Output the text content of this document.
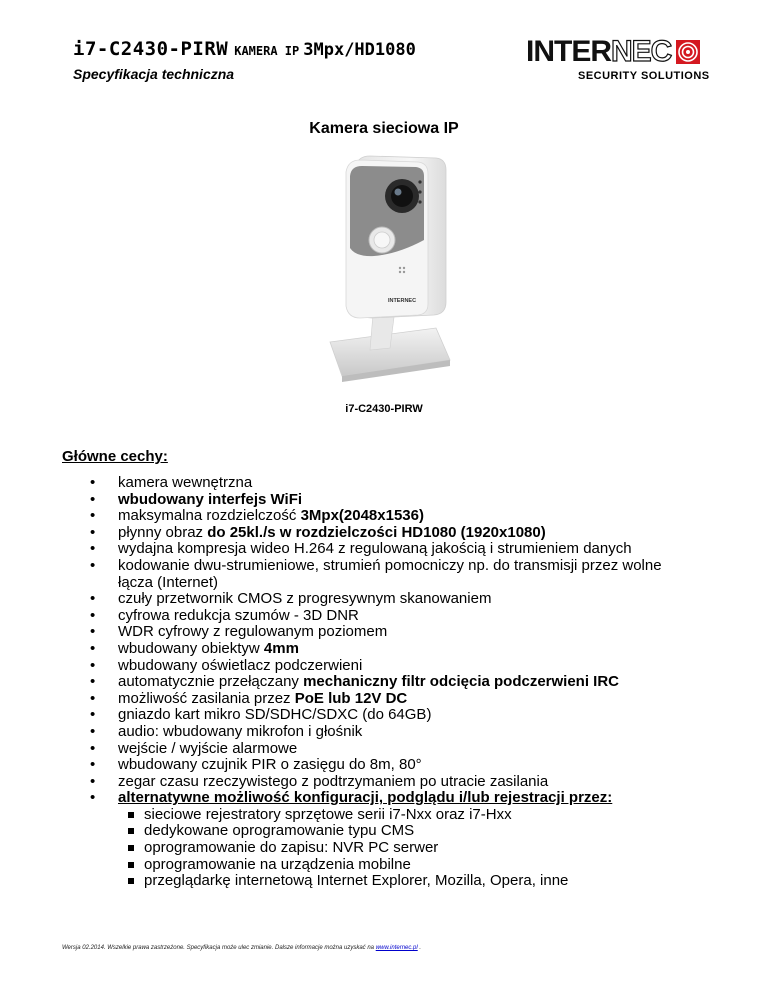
i7-C2430-PIRW KAMERA IP 3Mpx/HD1080
Specyfikacja techniczna
INTERNEC
SECURITY SOLUTIONS
Kamera sieciowa IP
INTERNEC
i7-C2430-PIRW
Główne cechy:
• kamera wewnętrzna
• wbudowany interfejs WiFi
• maksymalna rozdzielczość 3Mpx(2048x1536)
• płynny obraz do 25kl./s w rozdzielczości HD1080 (1920x1080)
• wydajna kompresja wideo H.264 z regulowaną jakością i strumieniem danych
• kodowanie dwu-strumieniowe, strumień pomocniczy np. do transmisji przez wolne łącza (Internet)
• czuły przetwornik CMOS z progresywnym skanowaniem
• cyfrowa redukcja szumów - 3D DNR
• WDR cyfrowy z regulowanym poziomem
• wbudowany obiektyw 4mm
• wbudowany oświetlacz podczerwieni
• automatycznie przełączany mechaniczny filtr odcięcia podczerwieni IRC
• możliwość zasilania przez PoE lub 12V DC
• gniazdo kart mikro SD/SDHC/SDXC (do 64GB)
• audio: wbudowany mikrofon i głośnik
• wejście / wyjście alarmowe
• wbudowany czujnik PIR o zasięgu do 8m, 80°
• zegar czasu rzeczywistego z podtrzymaniem po utracie zasilania
• alternatywne możliwość konfiguracji, podglądu i/lub rejestracji przez:
sieciowe rejestratory sprzętowe serii i7-Nxx oraz i7-Hxx
dedykowane oprogramowanie typu CMS
oprogramowanie do zapisu: NVR PC serwer
oprogramowanie na urządzenia mobilne
przeglądarkę internetową Internet Explorer, Mozilla, Opera, inne
Wersja 02.2014. Wszelkie prawa zastrzeżone. Specyfikacja może ulec zmianie. Dalsze informacje można uzyskać na www.internec.pl .
